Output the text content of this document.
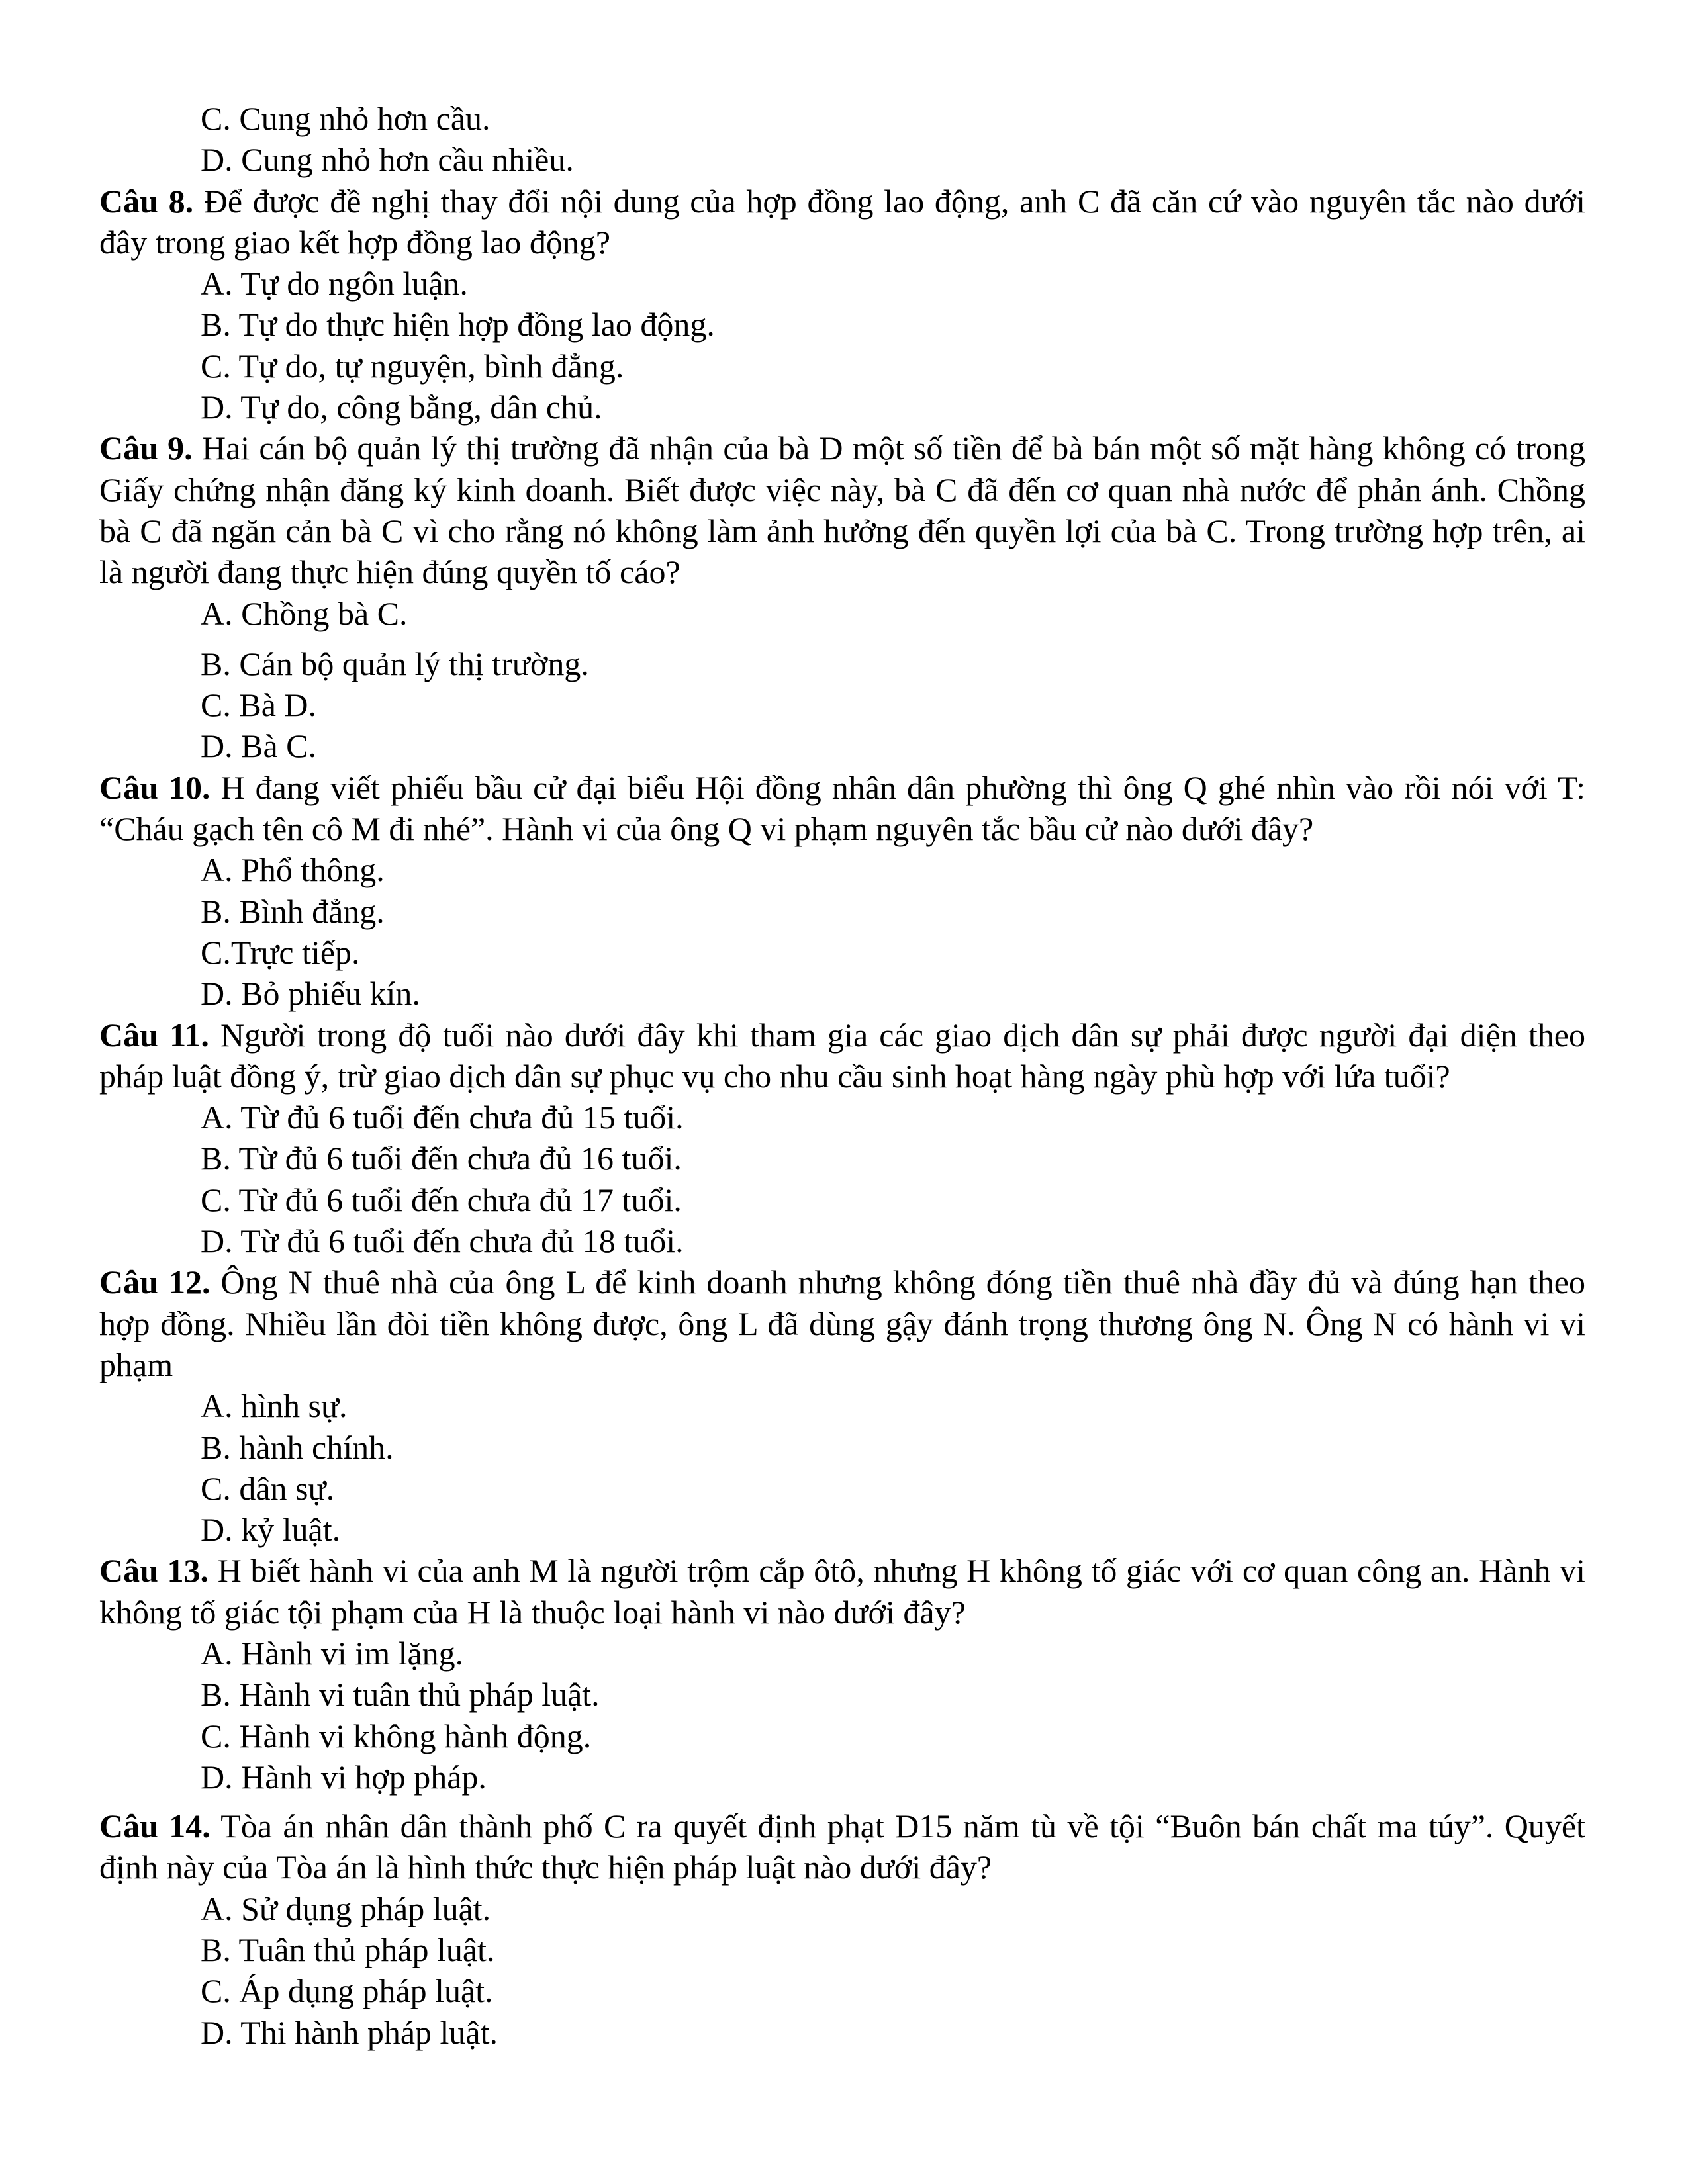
C. Cung nhỏ hơn cầu.
D. Cung nhỏ hơn cầu nhiều.

Câu 8. Để được đề nghị thay đổi nội dung của hợp đồng lao động, anh C đã căn cứ vào nguyên tắc nào dưới đây trong giao kết hợp đồng lao động?

A. Tự do ngôn luận.
B. Tự do thực hiện hợp đồng lao động.
C. Tự do, tự nguyện, bình đẳng.
D. Tự do, công bằng, dân chủ.

Câu 9. Hai cán bộ quản lý thị trường đã nhận của bà D một số tiền để bà bán một số mặt hàng không có trong Giấy chứng nhận đăng ký kinh doanh. Biết được việc này, bà C đã đến cơ quan nhà nước để phản ánh. Chồng bà C đã ngăn cản bà C vì cho rằng nó không làm ảnh hưởng đến quyền lợi của bà C. Trong trường hợp trên, ai là người đang thực hiện đúng quyền tố cáo?

A. Chồng bà C.
B. Cán bộ quản lý thị trường.
C. Bà D.
D. Bà C.

Câu 10. H đang viết phiếu bầu cử đại biểu Hội đồng nhân dân phường thì ông Q ghé nhìn vào rồi nói với T: “Cháu gạch tên cô M đi nhé”. Hành vi của ông Q vi phạm nguyên tắc bầu cử nào dưới đây?

A. Phổ thông.
B. Bình đẳng.
C.Trực tiếp.
D. Bỏ phiếu kín.

Câu 11. Người trong độ tuổi nào dưới đây khi tham gia các giao dịch dân sự phải được người đại diện theo pháp luật đồng ý, trừ giao dịch dân sự phục vụ cho nhu cầu sinh hoạt hàng ngày phù hợp với lứa tuổi?

A. Từ đủ 6 tuổi đến chưa đủ 15 tuổi.
B. Từ đủ 6 tuổi đến chưa đủ 16 tuổi.
C. Từ đủ 6 tuổi đến chưa đủ 17 tuổi.
D. Từ đủ 6 tuổi đến chưa đủ 18 tuổi.

Câu 12. Ông N thuê nhà của ông L để kinh doanh nhưng không đóng tiền thuê nhà đầy đủ và đúng hạn theo hợp đồng. Nhiều lần đòi tiền không được, ông L đã dùng gậy đánh trọng thương ông N. Ông N có hành vi vi phạm

A. hình sự.
B. hành chính.
C. dân sự.
D. kỷ luật.

Câu 13. H biết hành vi của anh M là người trộm cắp ôtô, nhưng H không tố giác với cơ quan công an. Hành vi không tố giác tội phạm của H là thuộc loại hành vi nào dưới đây?

A. Hành vi im lặng.
B. Hành vi tuân thủ pháp luật.
C. Hành vi không hành động.
D. Hành vi hợp pháp.

Câu 14. Tòa án nhân dân thành phố C ra quyết định phạt D15 năm tù về tội “Buôn bán chất ma túy”. Quyết định này của Tòa án là hình thức thực hiện pháp luật nào dưới đây?

A. Sử dụng pháp luật.
B. Tuân thủ pháp luật.
C. Áp dụng pháp luật.
D. Thi hành pháp luật.
